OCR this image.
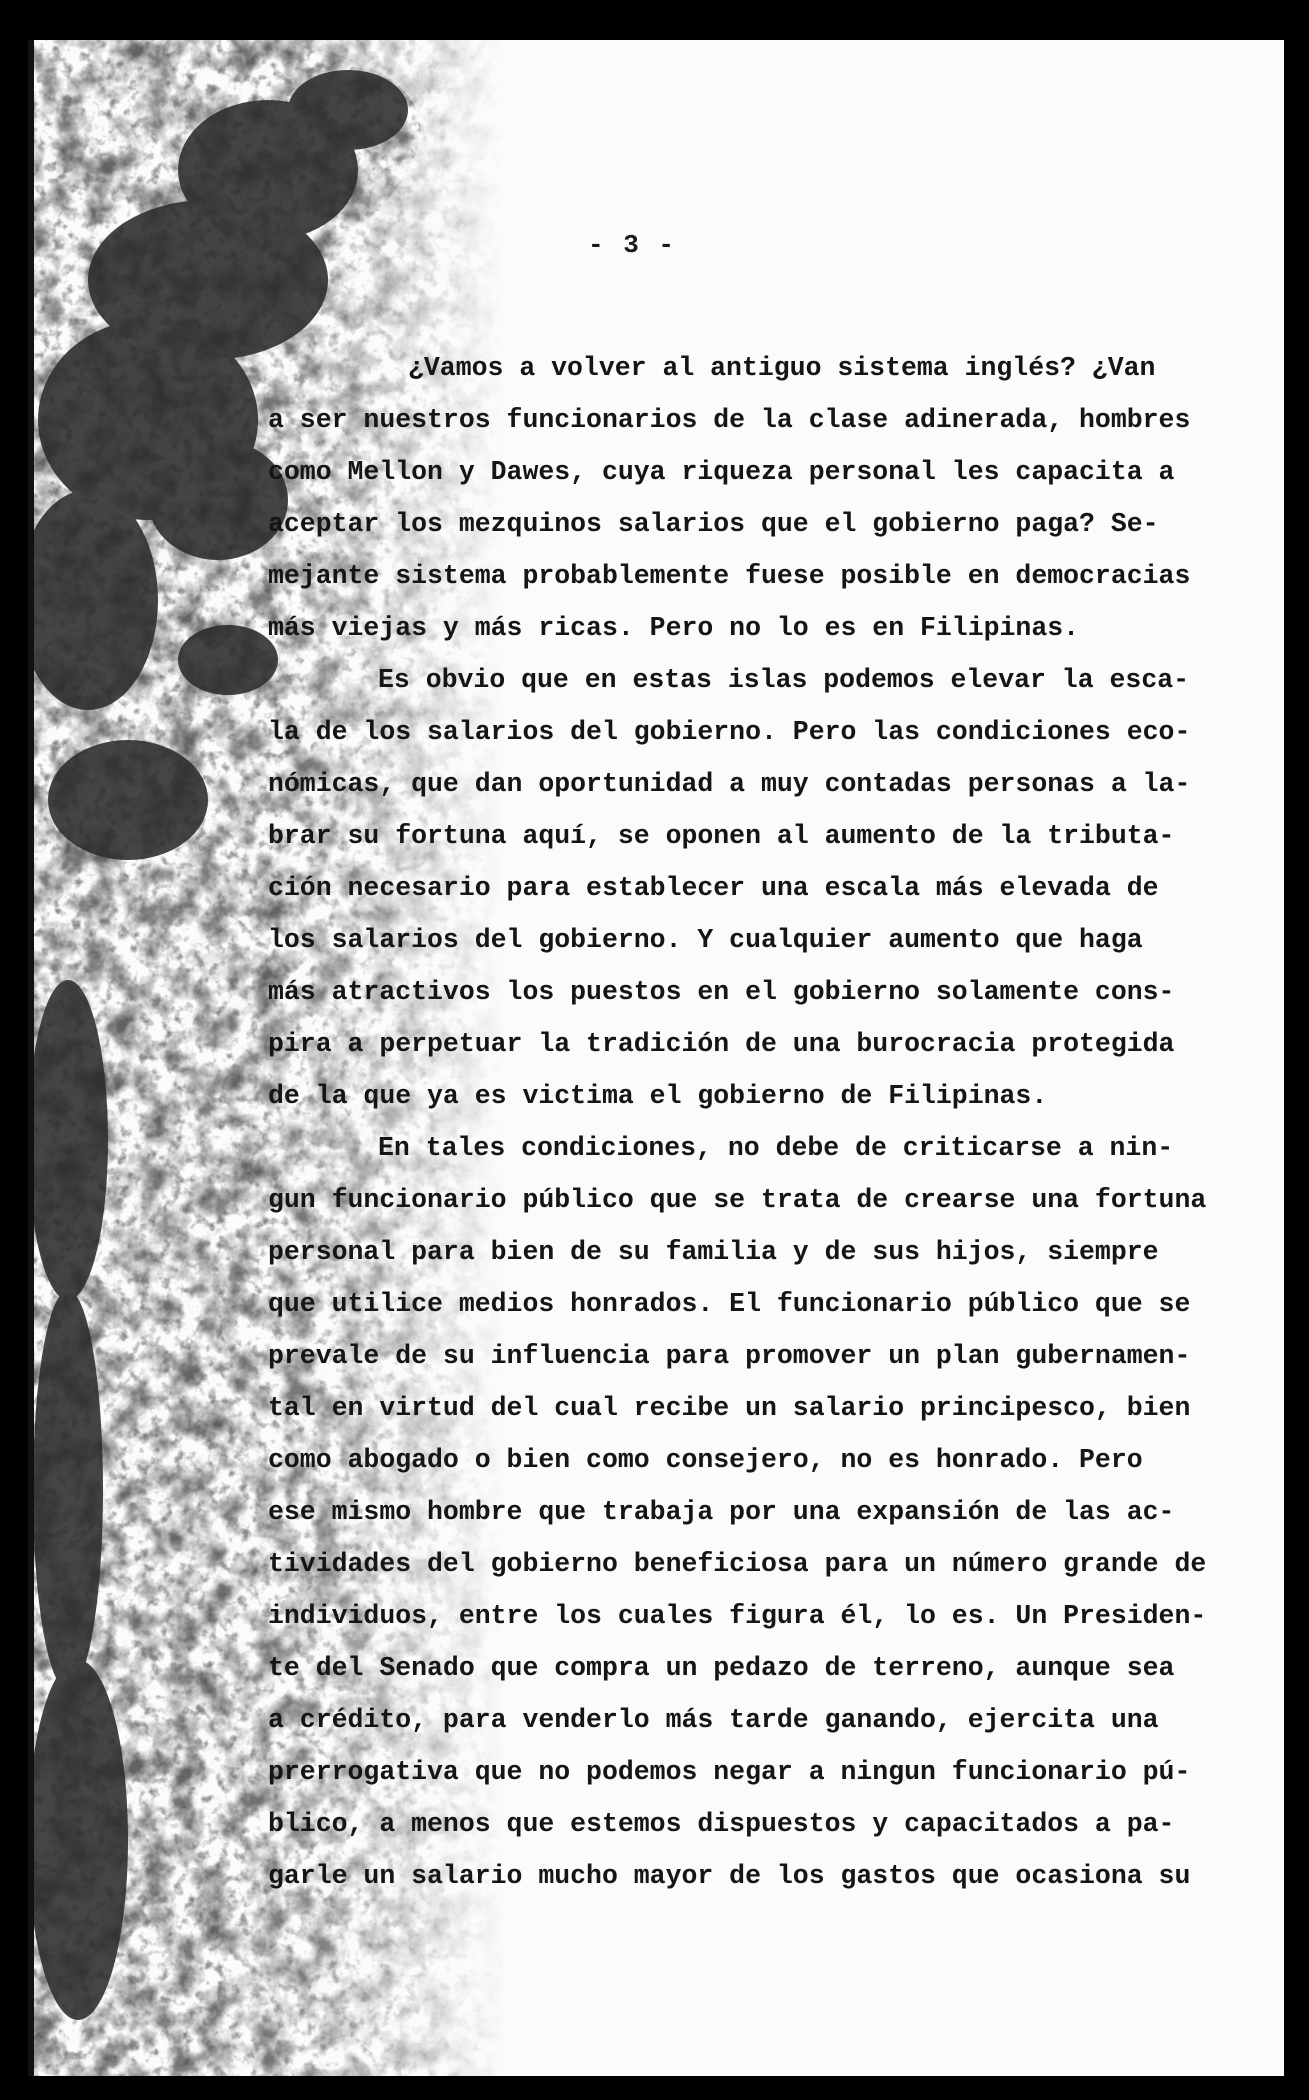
- 3 -

¿Vamos a volver al antiguo sistema inglés? ¿Van

a ser nuestros funcionarios de la clase adinerada, hombres

como Mellon y Dawes, cuya riqueza personal les capacita a

aceptar los mezquinos salarios que el gobierno paga? Se-

mejante sistema probablemente fuese posible en democracias

más viejas y más ricas. Pero no lo es en Filipinas.

Es obvio que en estas islas podemos elevar la esca-

la de los salarios del gobierno. Pero las condiciones eco-

nómicas, que dan oportunidad a muy contadas personas a la-

brar su fortuna aquí, se oponen al aumento de la tributa-

ción necesario para establecer una escala más elevada de

los salarios del gobierno. Y cualquier aumento que haga

más atractivos los puestos en el gobierno solamente cons-

pira a perpetuar la tradición de una burocracia protegida

de la que ya es victima el gobierno de Filipinas.

En tales condiciones, no debe de criticarse a nin-

gun funcionario público que se trata de crearse una fortuna

personal para bien de su familia y de sus hijos, siempre

que utilice medios honrados. El funcionario público que se

prevale de su influencia para promover un plan gubernamen-

tal en virtud del cual recibe un salario principesco, bien

como abogado o bien como consejero, no es honrado. Pero

ese mismo hombre que trabaja por una expansión de las ac-

tividades del gobierno beneficiosa para un número grande de

individuos, entre los cuales figura él, lo es. Un Presiden-

te del Senado que compra un pedazo de terreno, aunque sea

a crédito, para venderlo más tarde ganando, ejercita una

prerrogativa que no podemos negar a ningun funcionario pú-

blico, a menos que estemos dispuestos y capacitados a pa-

garle un salario mucho mayor de los gastos que ocasiona su
